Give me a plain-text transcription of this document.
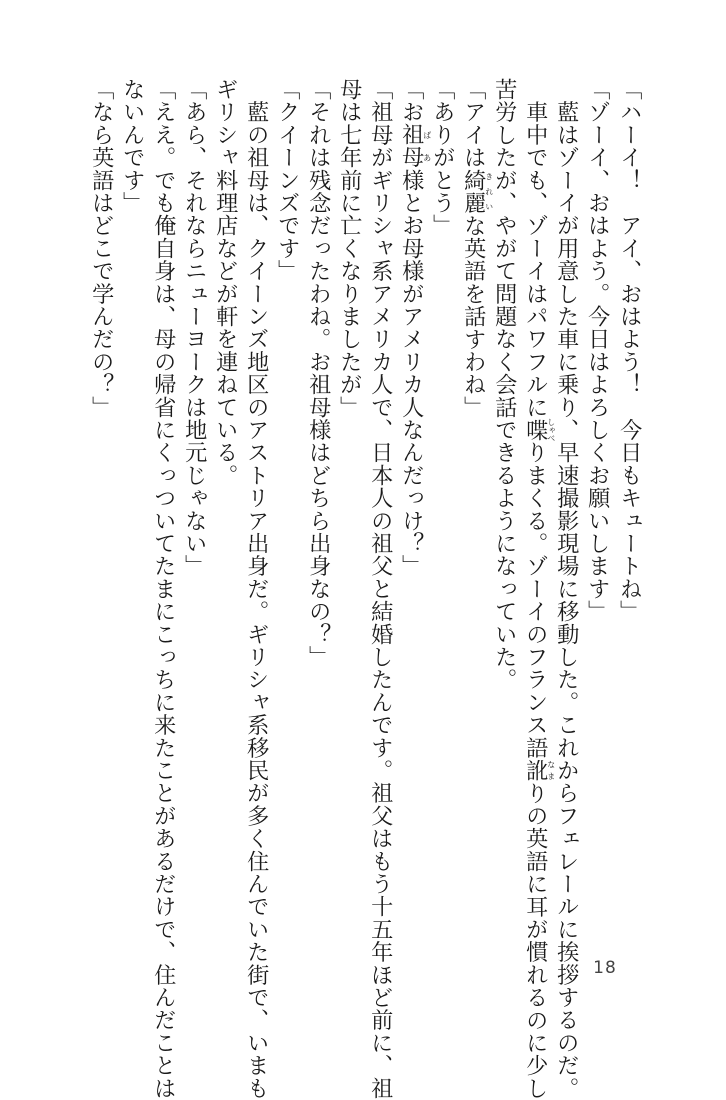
「ハーイ！　アイ、おはよう！　今日もキュートね」
「ゾーイ、おはよう。今日はよろしくお願いします」
　藍はゾーイが用意した車に乗り、早速撮影現場に移動した。これからフェレールに挨拶するのだ。
　車中でも、ゾーイはパワフルに喋しゃべりまくる。ゾーイのフランス語訛なまりの英語に耳が慣れるのに少し
苦労したが、やがて問題なく会話できるようになっていた。
「アイは綺麗きれいな英語を話すわね」
「ありがとう」
「お祖母ばあ様とお母様がアメリカ人なんだっけ？」
「祖母がギリシャ系アメリカ人で、日本人の祖父と結婚したんです。祖父はもう十五年ほど前に、祖
母は七年前に亡くなりましたが」
「それは残念だったわね。お祖母様はどちら出身なの？」
「クイーンズです」
　藍の祖母は、クイーンズ地区のアストリア出身だ。ギリシャ系移民が多く住んでいた街で、いまも
ギリシャ料理店などが軒を連ねている。
「あら、それならニューヨークは地元じゃない」
「ええ。でも俺自身は、母の帰省にくっついてたまにこっちに来たことがあるだけで、住んだことは
ないんです」
「なら英語はどこで学んだの？」
18
